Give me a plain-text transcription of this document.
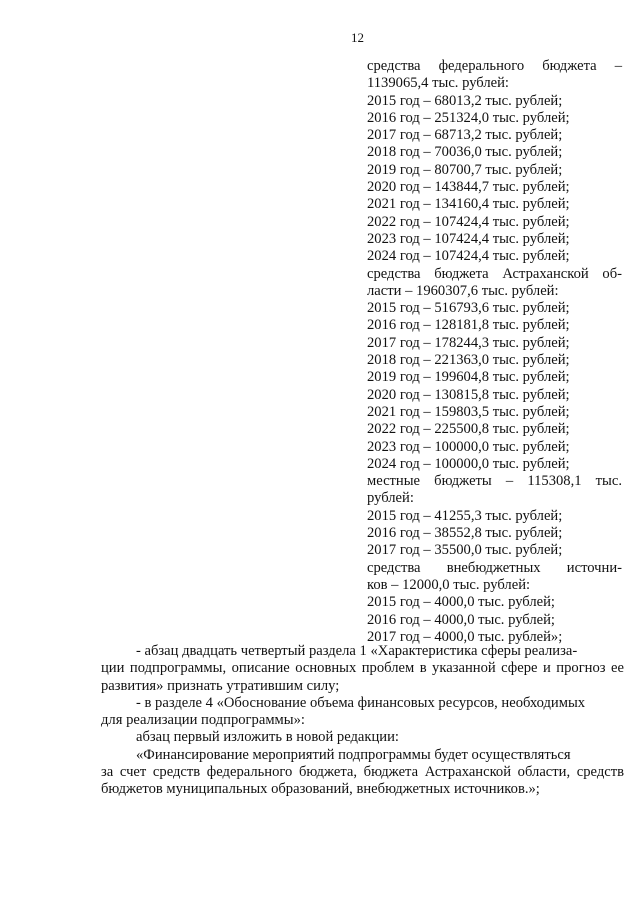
12
средства федерального бюджета –
1139065,4 тыс. рублей:
2015 год – 68013,2 тыс. рублей;
2016 год – 251324,0 тыс. рублей;
2017 год – 68713,2 тыс. рублей;
2018 год – 70036,0 тыс. рублей;
2019 год – 80700,7 тыс. рублей;
2020 год – 143844,7 тыс. рублей;
2021 год – 134160,4 тыс. рублей;
2022 год – 107424,4 тыс. рублей;
2023 год – 107424,4 тыс. рублей;
2024 год – 107424,4 тыс. рублей;
средства бюджета Астраханской об-
ласти – 1960307,6 тыс. рублей:
2015 год – 516793,6 тыс. рублей;
2016 год – 128181,8 тыс. рублей;
2017 год – 178244,3 тыс. рублей;
2018 год – 221363,0 тыс. рублей;
2019 год – 199604,8 тыс. рублей;
2020 год – 130815,8 тыс. рублей;
2021 год – 159803,5 тыс. рублей;
2022 год – 225500,8 тыс. рублей;
2023 год – 100000,0 тыс. рублей;
2024 год – 100000,0 тыс. рублей;
местные бюджеты – 115308,1 тыс.
рублей:
2015 год – 41255,3 тыс. рублей;
2016 год – 38552,8 тыс. рублей;
2017 год – 35500,0 тыс. рублей;
средства внебюджетных источни-
ков – 12000,0 тыс. рублей:
2015 год – 4000,0 тыс. рублей;
2016 год – 4000,0 тыс. рублей;
2017 год – 4000,0 тыс. рублей»;
- абзац двадцать четвертый раздела 1 «Характеристика сферы реализа-
ции подпрограммы, описание основных проблем в указанной сфере и прогноз ее развития» признать утратившим силу;
- в разделе 4 «Обоснование объема финансовых ресурсов, необходимых
для реализации подпрограммы»:
абзац первый изложить в новой редакции:
«Финансирование мероприятий подпрограммы будет осуществляться
за счет средств федерального бюджета, бюджета Астраханской области, средств бюджетов муниципальных образований, внебюджетных источников.»;
